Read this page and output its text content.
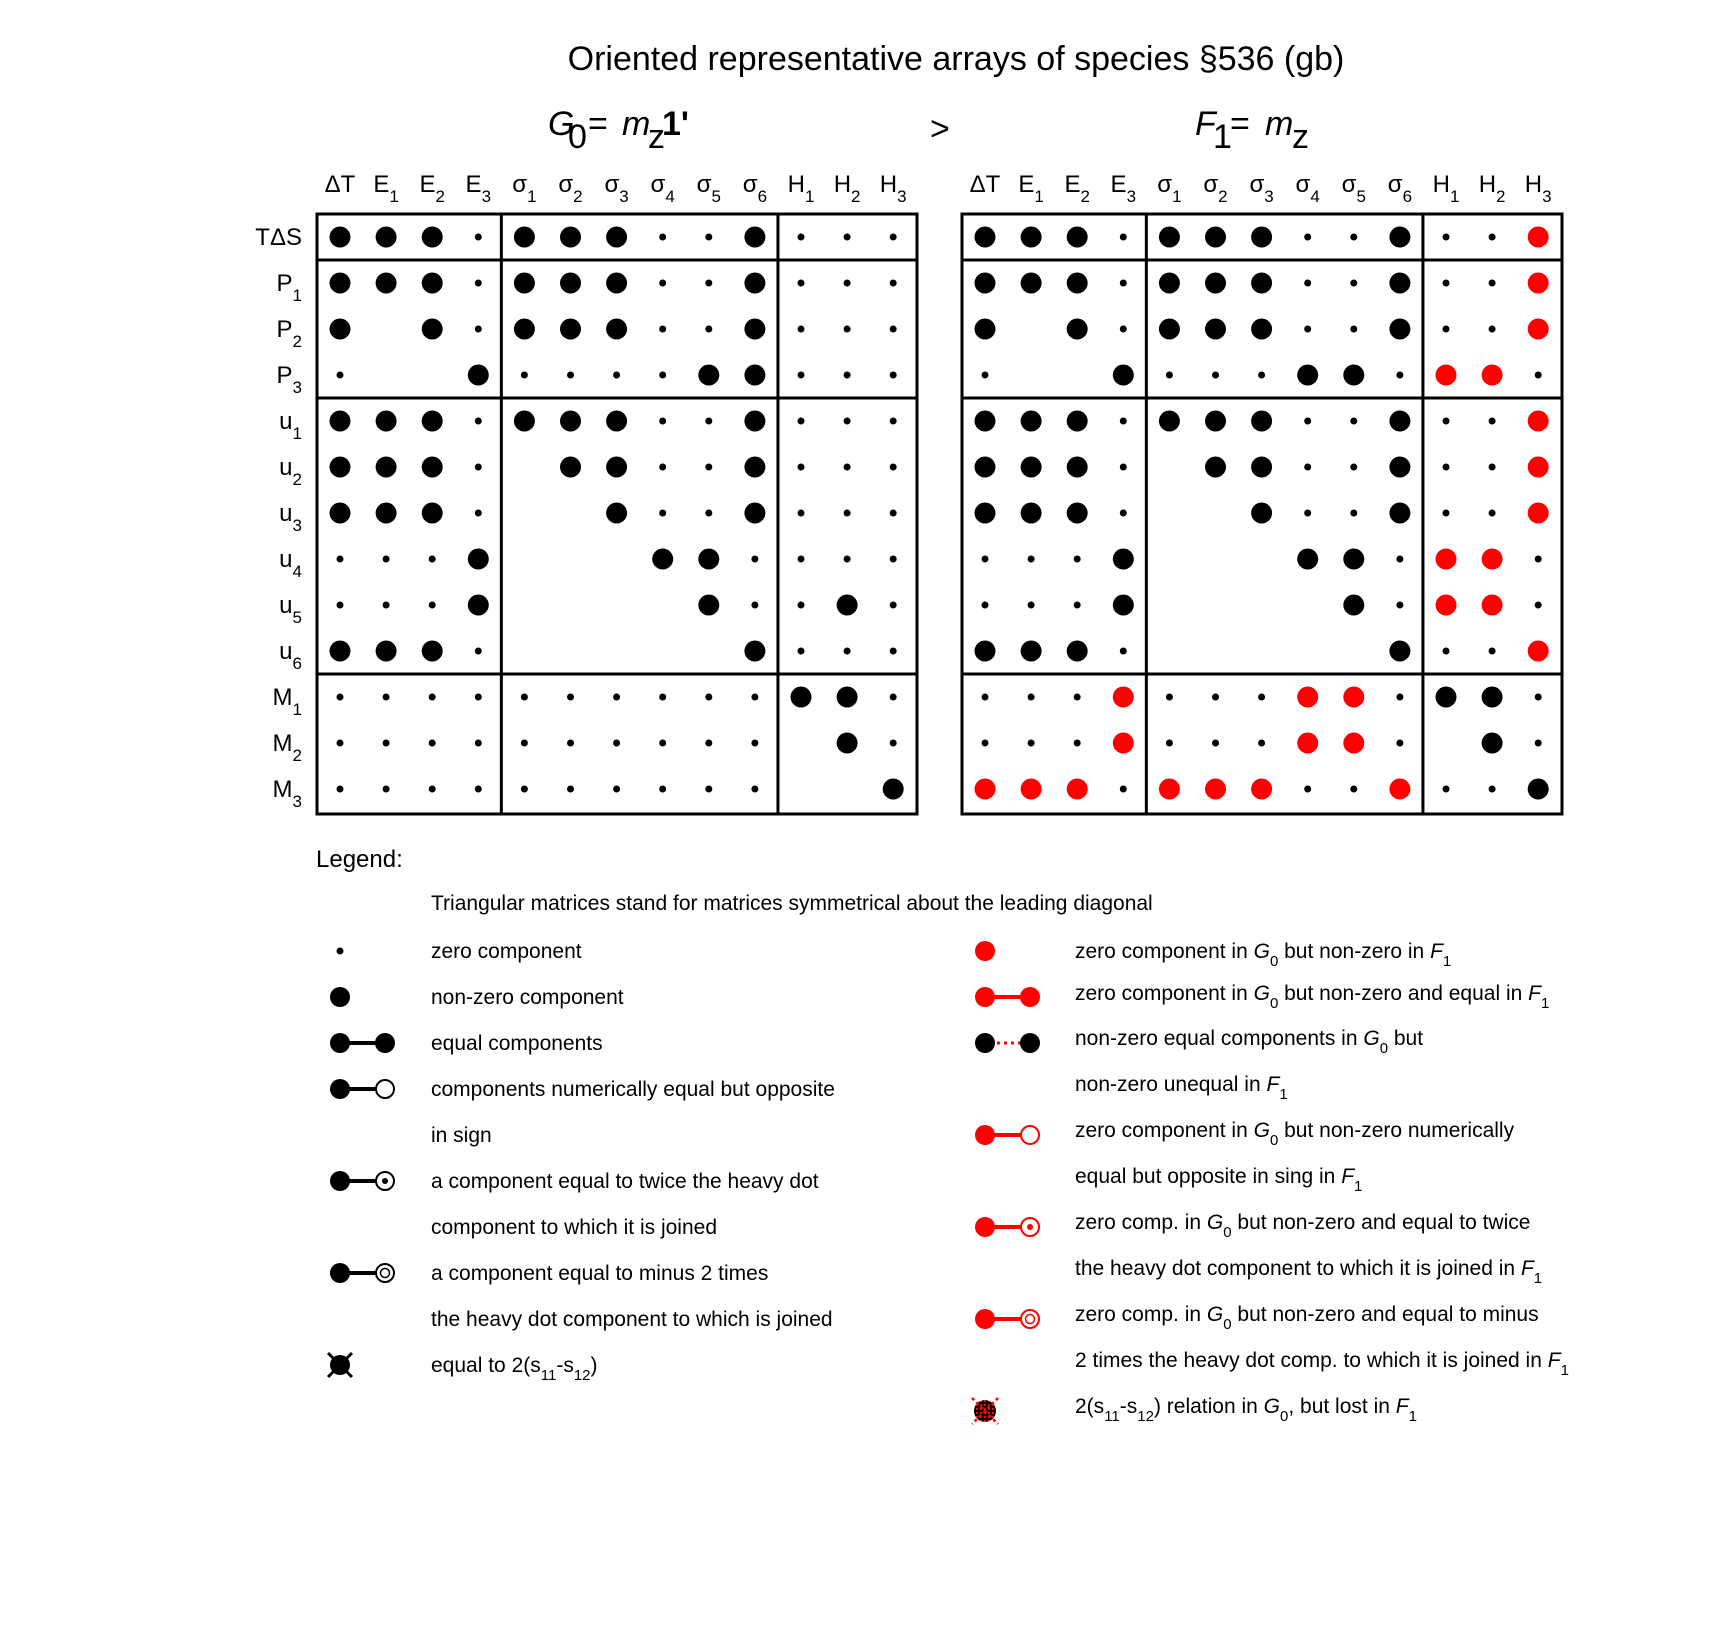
Oriented representative arrays of species §536 (gb)
G
0 = m
z
1'	>	F
1
= m
z
ΔT $E_1$ $E_2$ $E_3$ $\sigma_1$ $\sigma_2$ $\sigma_3$ $\sigma_4$ $\sigma_5$ $\sigma_6$ $H_1$ $H_2$ $H_3$
TΔS
$P_1$
$P_2$
$P_3$
$u_1$
$u_2$
$u_3$
$u_4$
$u_5$
$u_6$
$M_1$
$M_2$
$M_3$
ΔT $E_1$ $E_2$ $E_3$ $\sigma_1$ $\sigma_2$ $\sigma_3$ $\sigma_4$ $\sigma_5$ $\sigma_6$ $H_1$ $H_2$ $H_3$
Legend:
Triangular matrices stand for matrices symmetrical about the leading diagonal
zero component
non-zero component
equal components
components numerically equal but opposite
in sign
a component equal to twice the heavy dot
component to which it is joined
a component equal to minus 2 times
the heavy dot component to which is joined
equal to $2(s_{11}-s_{12})$
zero component in $G_0$ but non-zero in $F_1$
zero component in $G_0$ but non-zero and equal in $F_1$
non-zero equal components in $G_0$ but
non-zero unequal in $F_1$
zero component in $G_0$ but non-zero numerically
equal but opposite in sing in $F_1$
zero comp. in $G_0$ but non-zero and equal to twice
the heavy dot component to which it is joined in $F_1$
zero comp. in $G_0$ but non-zero and equal to minus
2 times the heavy dot comp. to which it is joined in $F_1$
$2(s_{11}-s_{12})$ relation in $G_0$, but lost in $F_1$
